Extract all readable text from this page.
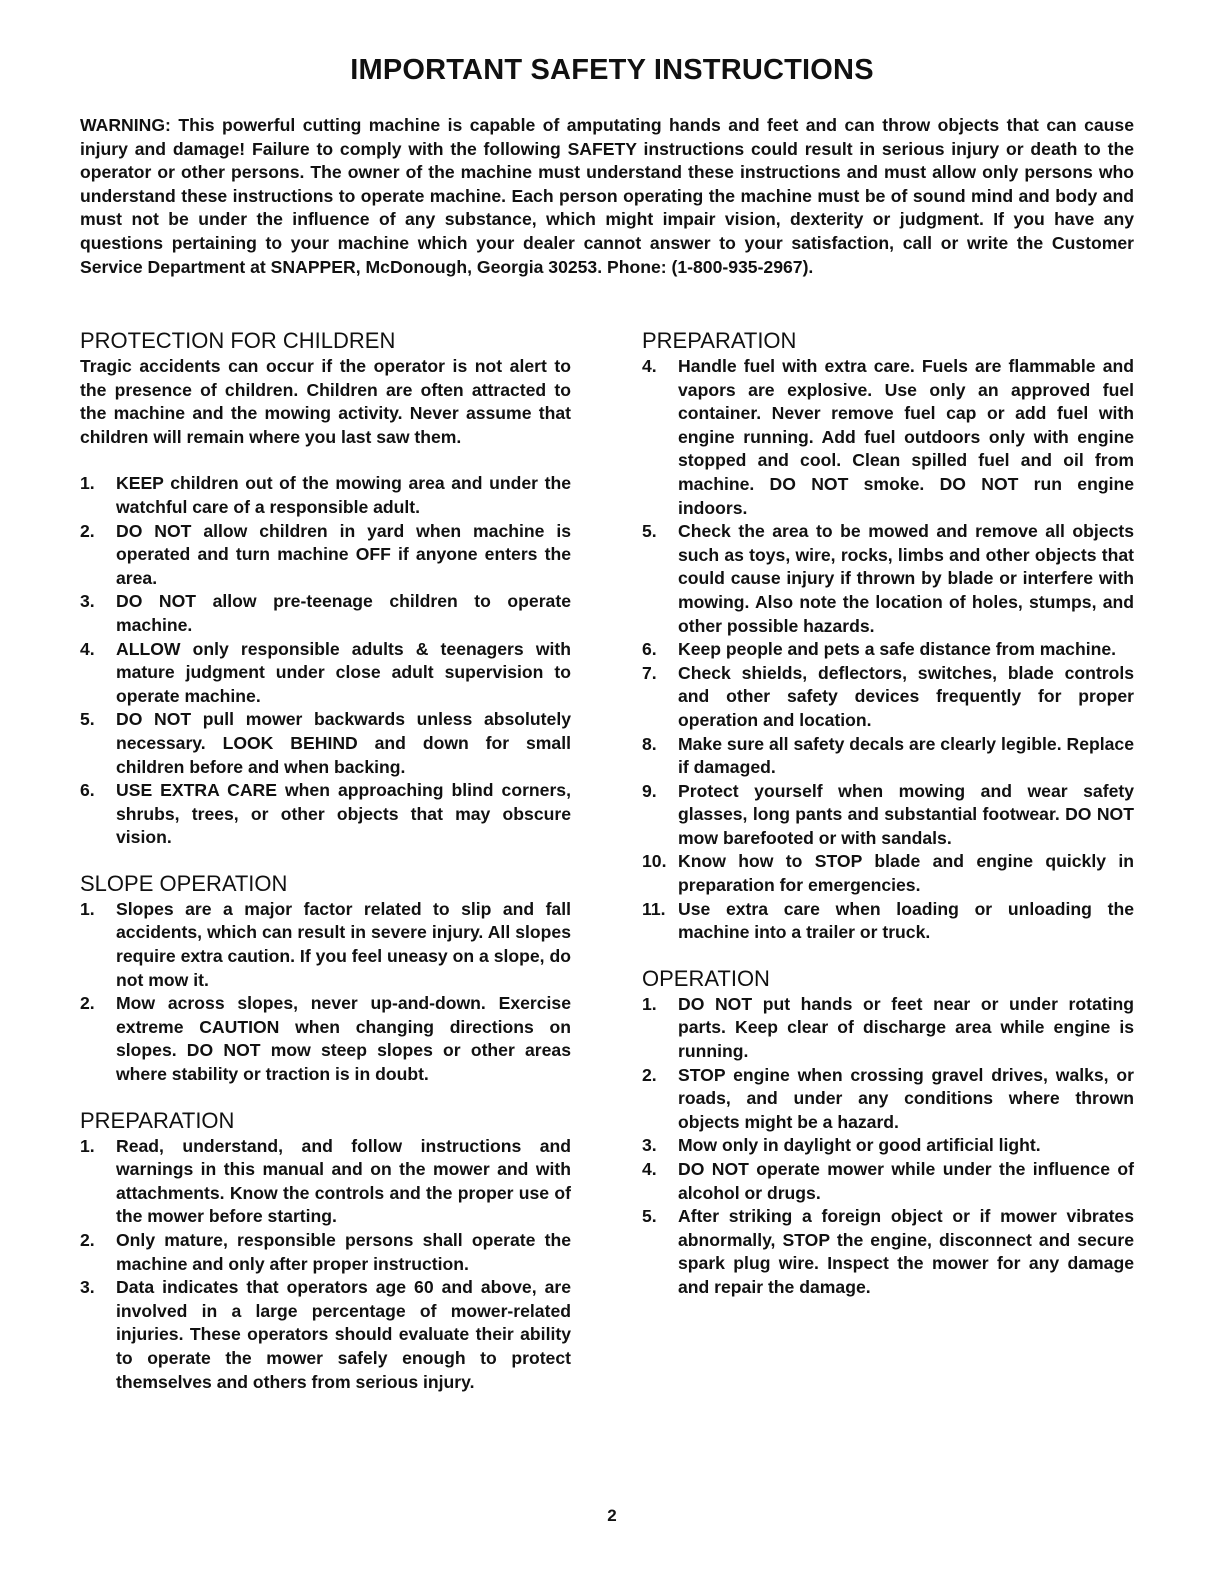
IMPORTANT SAFETY INSTRUCTIONS

WARNING: This powerful cutting machine is capable of amputating hands and feet and can throw objects that can cause injury and damage! Failure to comply with the following SAFETY instructions could result in serious injury or death to the operator or other persons. The owner of the machine must understand these instructions and must allow only persons who understand these instructions to operate machine. Each person operating the machine must be of sound mind and body and must not be under the influence of any substance, which might impair vision, dexterity or judgment. If you have any questions pertaining to your machine which your dealer cannot answer to your satisfaction, call or write the Customer Service Department at SNAPPER, McDonough, Georgia 30253. Phone: (1-800-935-2967).

PROTECTION FOR CHILDREN

Tragic accidents can occur if the operator is not alert to the presence of children. Children are often attracted to the machine and the mowing activity. Never assume that children will remain where you last saw them.

1. KEEP children out of the mowing area and under the watchful care of a responsible adult.
2. DO NOT allow children in yard when machine is operated and turn machine OFF if anyone enters the area.
3. DO NOT allow pre-teenage children to operate machine.
4. ALLOW only responsible adults & teenagers with mature judgment under close adult supervision to operate machine.
5. DO NOT pull mower backwards unless absolutely necessary. LOOK BEHIND and down for small children before and when backing.
6. USE EXTRA CARE when approaching blind corners, shrubs, trees, or other objects that may obscure vision.
SLOPE OPERATION
1. Slopes are a major factor related to slip and fall accidents, which can result in severe injury. All slopes require extra caution. If you feel uneasy on a slope, do not mow it.
2. Mow across slopes, never up-and-down. Exercise extreme CAUTION when changing directions on slopes. DO NOT mow steep slopes or other areas where stability or traction is in doubt.
PREPARATION
1. Read, understand, and follow instructions and warnings in this manual and on the mower and with attachments. Know the controls and the proper use of the mower before starting.
2. Only mature, responsible persons shall operate the machine and only after proper instruction.
3. Data indicates that operators age 60 and above, are involved in a large percentage of mower-related injuries. These operators should evaluate their ability to operate the mower safely enough to protect themselves and others from serious injury.
PREPARATION
4. Handle fuel with extra care. Fuels are flammable and vapors are explosive. Use only an approved fuel container. Never remove fuel cap or add fuel with engine running. Add fuel outdoors only with engine stopped and cool. Clean spilled fuel and oil from machine. DO NOT smoke. DO NOT run engine indoors.
5. Check the area to be mowed and remove all objects such as toys, wire, rocks, limbs and other objects that could cause injury if thrown by blade or interfere with mowing. Also note the location of holes, stumps, and other possible hazards.
6. Keep people and pets a safe distance from machine.
7. Check shields, deflectors, switches, blade controls and other safety devices frequently for proper operation and location.
8. Make sure all safety decals are clearly legible. Replace if damaged.
9. Protect yourself when mowing and wear safety glasses, long pants and substantial footwear. DO NOT mow barefooted or with sandals.
10. Know how to STOP blade and engine quickly in preparation for emergencies.
11. Use extra care when loading or unloading the machine into a trailer or truck.
OPERATION
1. DO NOT put hands or feet near or under rotating parts. Keep clear of discharge area while engine is running.
2. STOP engine when crossing gravel drives, walks, or roads, and under any conditions where thrown objects might be a hazard.
3. Mow only in daylight or good artificial light.
4. DO NOT operate mower while under the influence of alcohol or drugs.
5. After striking a foreign object or if mower vibrates abnormally, STOP the engine, disconnect and secure spark plug wire. Inspect the mower for any damage and repair the damage.

2
